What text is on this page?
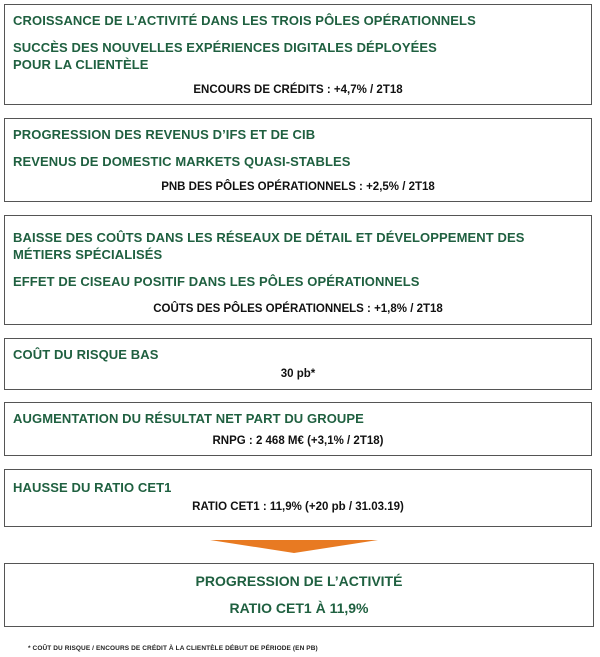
CROISSANCE DE L’ACTIVITÉ DANS LES TROIS PÔLES OPÉRATIONNELS

SUCCÈS DES NOUVELLES EXPÉRIENCES DIGITALES DÉPLOYÉES

POUR LA CLIENTÈLE

ENCOURS DE CRÉDITS : +4,7% / 2T18

PROGRESSION DES REVENUS D’IFS ET DE CIB

REVENUS DE DOMESTIC MARKETS QUASI-STABLES

PNB DES PÔLES OPÉRATIONNELS : +2,5% / 2T18

BAISSE DES COÛTS DANS LES RÉSEAUX DE DÉTAIL ET DÉVELOPPEMENT DES

MÉTIERS SPÉCIALISÉS

EFFET DE CISEAU POSITIF DANS LES PÔLES OPÉRATIONNELS

COÛTS DES PÔLES OPÉRATIONNELS : +1,8% / 2T18

COÛT DU RISQUE BAS

30 pb*

AUGMENTATION DU RÉSULTAT NET PART DU GROUPE

RNPG : 2 468 M€ (+3,1% / 2T18)

HAUSSE DU RATIO CET1

RATIO CET1 : 11,9% (+20 pb / 31.03.19)
PROGRESSION DE L’ACTIVITÉ
RATIO CET1 À 11,9%
* COÛT DU RISQUE / ENCOURS DE CRÉDIT À LA CLIENTÈLE DÉBUT DE PÉRIODE (EN PB)
